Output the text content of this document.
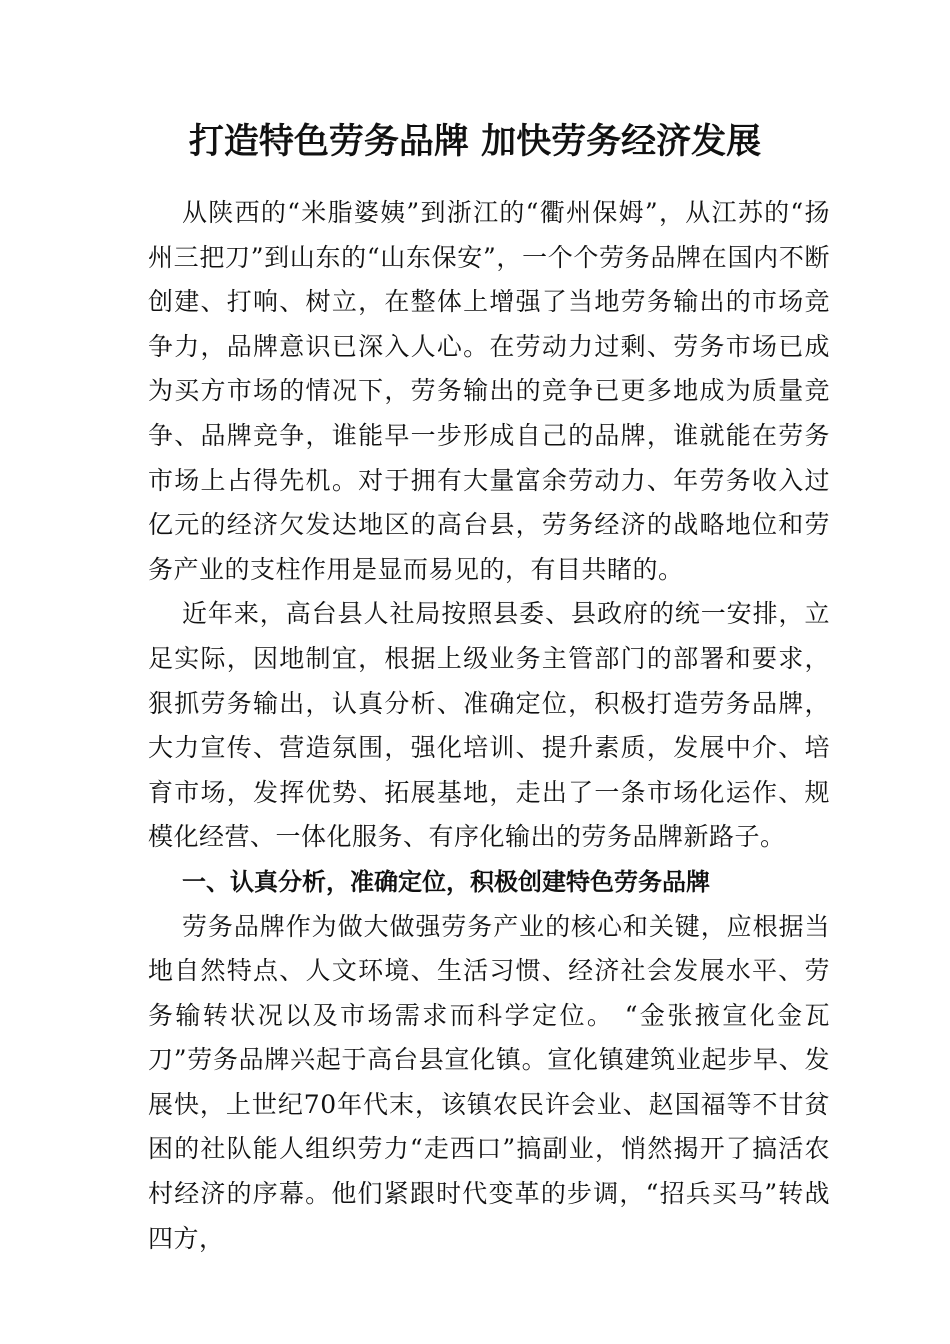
打造特色劳务品牌 加快劳务经济发展

从陕西的“米脂婆姨”到浙江的“衢州保姆”，从江苏的“扬州三把刀”到山东的“山东保安”，一个个劳务品牌在国内不断创建、打响、树立，在整体上增强了当地劳务输出的市场竞争力，品牌意识已深入人心。在劳动力过剩、劳务市场已成为买方市场的情况下，劳务输出的竞争已更多地成为质量竞争、品牌竞争，谁能早一步形成自己的品牌，谁就能在劳务市场上占得先机。对于拥有大量富余劳动力、年劳务收入过亿元的经济欠发达地区的高台县，劳务经济的战略地位和劳务产业的支柱作用是显而易见的，有目共睹的。

近年来，高台县人社局按照县委、县政府的统一安排，立足实际，因地制宜，根据上级业务主管部门的部署和要求，狠抓劳务输出，认真分析、准确定位，积极打造劳务品牌，大力宣传、营造氛围，强化培训、提升素质，发展中介、培育市场，发挥优势、拓展基地，走出了一条市场化运作、规模化经营、一体化服务、有序化输出的劳务品牌新路子。

一、认真分析，准确定位，积极创建特色劳务品牌

劳务品牌作为做大做强劳务产业的核心和关键，应根据当地自然特点、人文环境、生活习惯、经济社会发展水平、劳务输转状况以及市场需求而科学定位。 “金张掖宣化金瓦刀”劳务品牌兴起于高台县宣化镇。宣化镇建筑业起步早、发展快，上世纪70年代末，该镇农民许会业、赵国福等不甘贫困的社队能人组织劳力“走西口”搞副业，悄然揭开了搞活农村经济的序幕。他们紧跟时代变革的步调，“招兵买马”转战四方，
